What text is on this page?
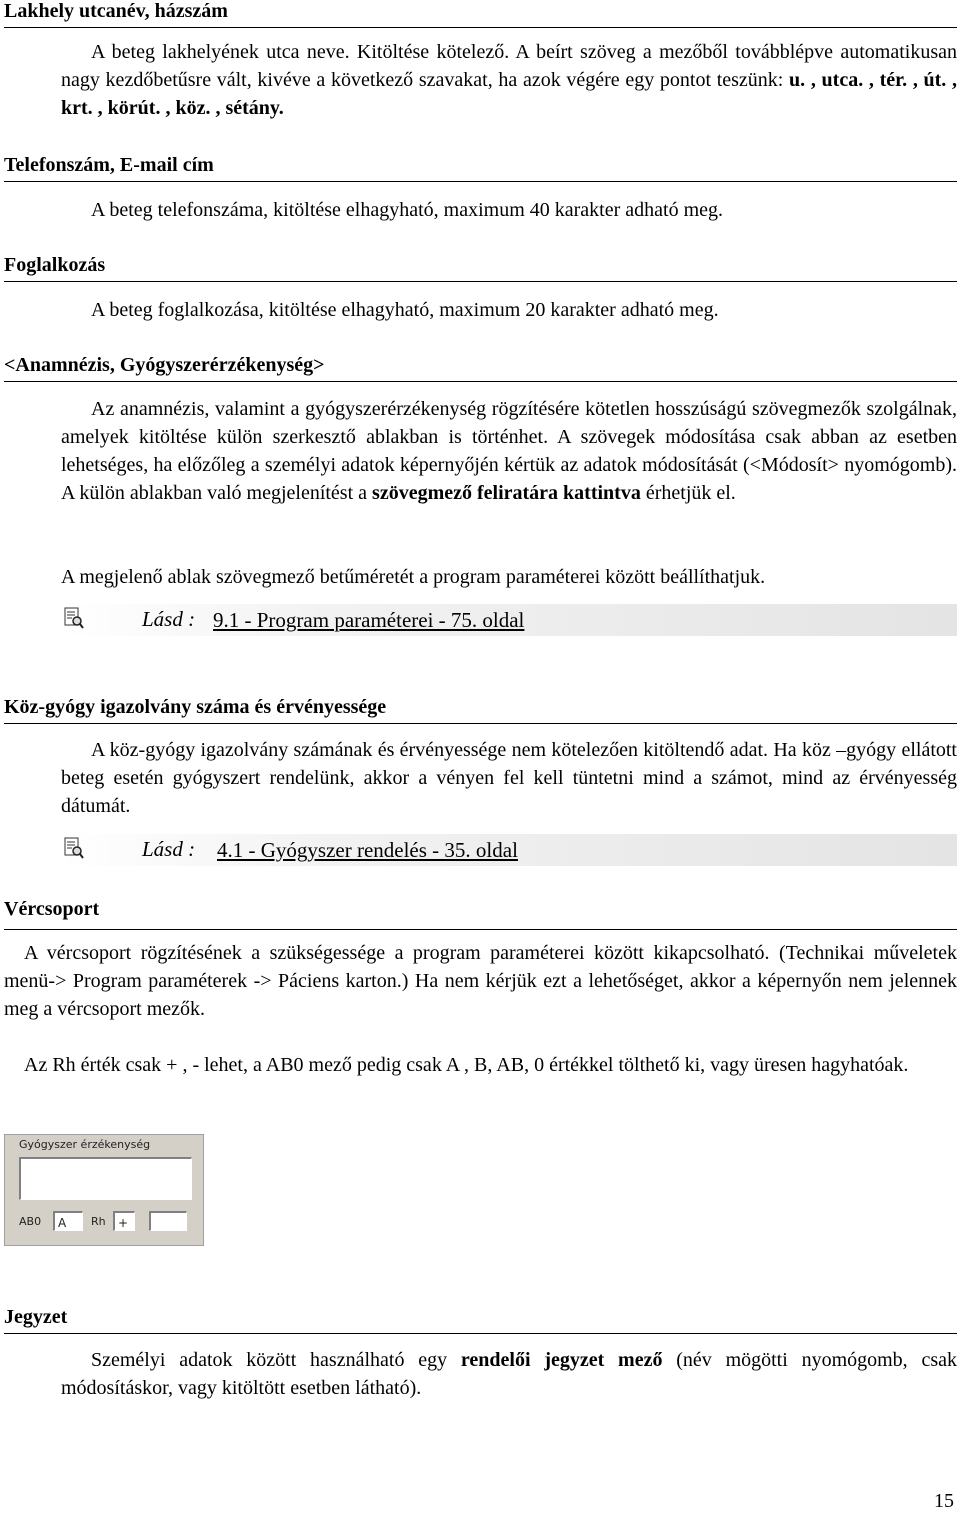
Lakhely utcanév, házszám

A beteg lakhelyének utca neve. Kitöltése kötelező. A beírt szöveg a mezőből továbblépve automatikusan nagy kezdőbetűsre vált, kivéve a következő szavakat, ha azok végére egy pontot teszünk: u. , utca. , tér. , út. , krt. , körút. , köz. , sétány.

Telefonszám, E-mail cím

A beteg telefonszáma, kitöltése elhagyható, maximum 40 karakter adható meg.

Foglalkozás

A beteg foglalkozása, kitöltése elhagyható, maximum 20 karakter adható meg.

<Anamnézis, Gyógyszerérzékenység>

Az anamnézis, valamint a gyógyszerérzékenység rögzítésére kötetlen hosszúságú szövegmezők szolgálnak, amelyek kitöltése külön szerkesztő ablakban is történhet. A szövegek módosítása csak abban az esetben lehetséges, ha előzőleg a személyi adatok képernyőjén kértük az adatok módosítását (<Módosít> nyomógomb). A külön ablakban való megjelenítést a szövegmező feliratára kattintva érhetjük el.

A megjelenő ablak szövegmező betűméretét a program paraméterei között beállíthatjuk.

Lásd : 9.1 - Program paraméterei - 75. oldal
Köz-gyógy igazolvány száma és érvényessége

A köz-gyógy igazolvány számának és érvényessége nem kötelezően kitöltendő adat. Ha köz –gyógy ellátott beteg esetén gyógyszert rendelünk, akkor a vényen fel kell tüntetni mind a számot, mind az érvényesség dátumát.

Lásd : 4.1 - Gyógyszer rendelés - 35. oldal
Vércsoport

A vércsoport rögzítésének a szükségessége a program paraméterei között kikapcsolható. (Technikai műveletek menü-> Program paraméterek -> Páciens karton.) Ha nem kérjük ezt a lehetőséget, akkor a képernyőn nem jelennek meg a vércsoport mezők.

Az Rh érték csak + , - lehet, a AB0 mező pedig csak A , B, AB, 0 értékkel tölthető ki, vagy üresen hagyhatóak.

Gyógyszer érzékenység
AB0	A	Rh	+
Jegyzet

Személyi adatok között használható egy rendelői jegyzet mező (név mögötti nyomógomb, csak módosításkor, vagy kitöltött esetben látható).

15
